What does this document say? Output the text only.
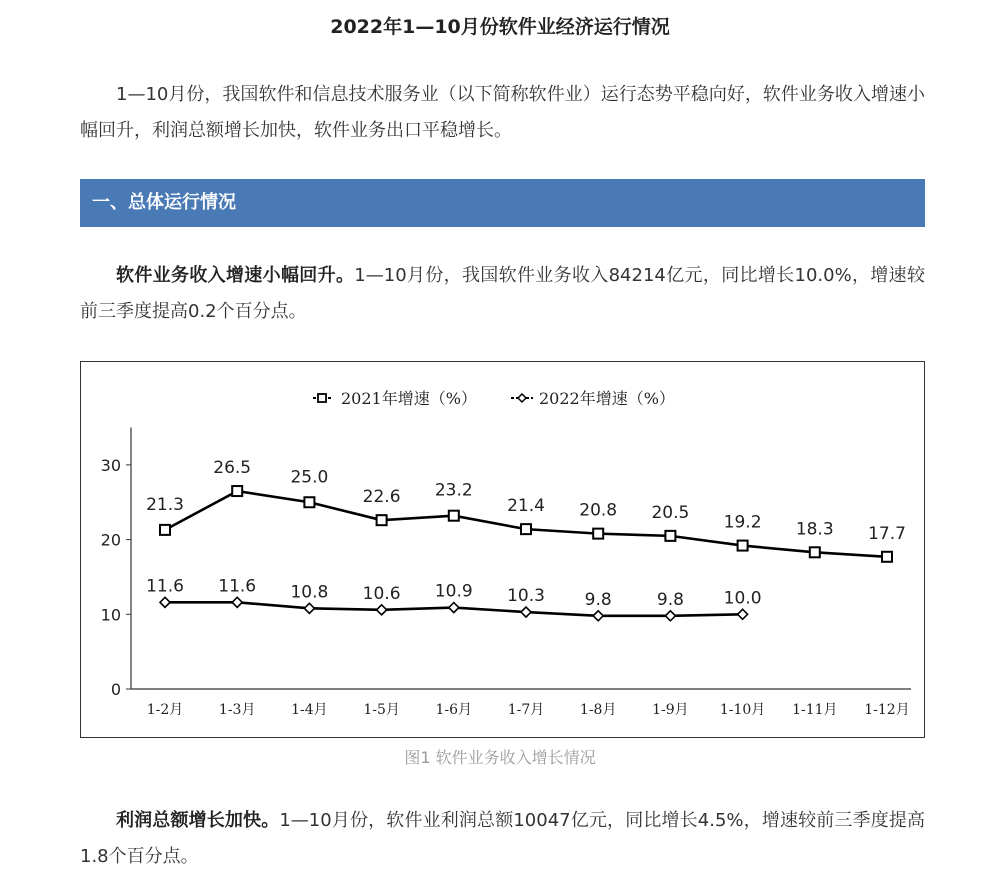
2022年1—10月份软件业经济运行情况

1—10月份，我国软件和信息技术服务业（以下简称软件业）运行态势平稳向好，软件业务收入增速小幅回升，利润总额增长加快，软件业务出口平稳增长。

一、总体运行情况

软件业务收入增速小幅回升。1—10月份，我国软件业务收入84214亿元，同比增长10.0%，增速较前三季度提高0.2个百分点。

0
10
20
30
1-2月	1-3月	1-4月	1-5月	1-6月	1-7月	1-8月	1-9月 1-10月 1-11月 1-12月
21.3
26.5 25.0
22.6 23.2
21.4 20.8 20.5 19.2 18.3 17.7
11.6 11.6 10.8 10.6 10.9 10.3 9.8	9.8 10.0
2021年增速（%）	2022年增速（%）
图1 软件业务收入增长情况

利润总额增长加快。1—10月份，软件业利润总额10047亿元，同比增长4.5%，增速较前三季度提高1.8个百分点。
